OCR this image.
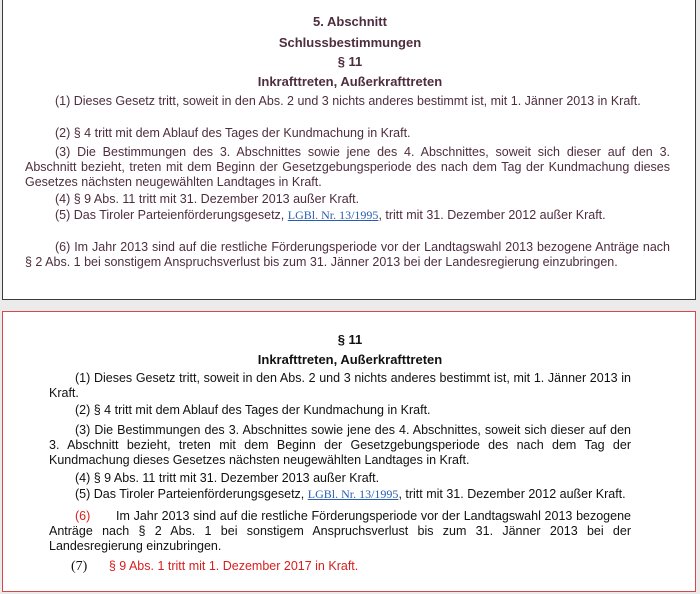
5. Abschnitt

Schlussbestimmungen

§ 11

Inkrafttreten, Außerkrafttreten

(1) Dieses Gesetz tritt, soweit in den Abs. 2 und 3 nichts anderes bestimmt ist, mit 1. Jänner 2013 in Kraft.

(2) § 4 tritt mit dem Ablauf des Tages der Kundmachung in Kraft.

(3) Die Bestimmungen des 3. Abschnittes sowie jene des 4. Abschnittes, soweit sich dieser auf den 3. Abschnitt bezieht, treten mit dem Beginn der Gesetzgebungsperiode des nach dem Tag der Kundmachung dieses Gesetzes nächsten neugewählten Landtages in Kraft.

(4) § 9 Abs. 11 tritt mit 31. Dezember 2013 außer Kraft.

(5) Das Tiroler Parteienförderungsgesetz, LGBl. Nr. 13/1995, tritt mit 31. Dezember 2012 außer Kraft.

(6) Im Jahr 2013 sind auf die restliche Förderungsperiode vor der Landtagswahl 2013 bezogene Anträge nach § 2 Abs. 1 bei sonstigem Anspruchsverlust bis zum 31. Jänner 2013 bei der Landesregierung einzubringen.

§ 11

Inkrafttreten, Außerkrafttreten

(1) Dieses Gesetz tritt, soweit in den Abs. 2 und 3 nichts anderes bestimmt ist, mit 1. Jänner 2013 in Kraft.

(2) § 4 tritt mit dem Ablauf des Tages der Kundmachung in Kraft.

(3) Die Bestimmungen des 3. Abschnittes sowie jene des 4. Abschnittes, soweit sich dieser auf den 3. Abschnitt bezieht, treten mit dem Beginn der Gesetzgebungsperiode des nach dem Tag der Kundmachung dieses Gesetzes nächsten neugewählten Landtages in Kraft.

(4) § 9 Abs. 11 tritt mit 31. Dezember 2013 außer Kraft.

(5) Das Tiroler Parteienförderungsgesetz, LGBl. Nr. 13/1995, tritt mit 31. Dezember 2012 außer Kraft.

(6) Im Jahr 2013 sind auf die restliche Förderungsperiode vor der Landtagswahl 2013 bezogene Anträge nach § 2 Abs. 1 bei sonstigem Anspruchsverlust bis zum 31. Jänner 2013 bei der Landesregierung einzubringen.

(7) § 9 Abs. 1 tritt mit 1. Dezember 2017 in Kraft.
